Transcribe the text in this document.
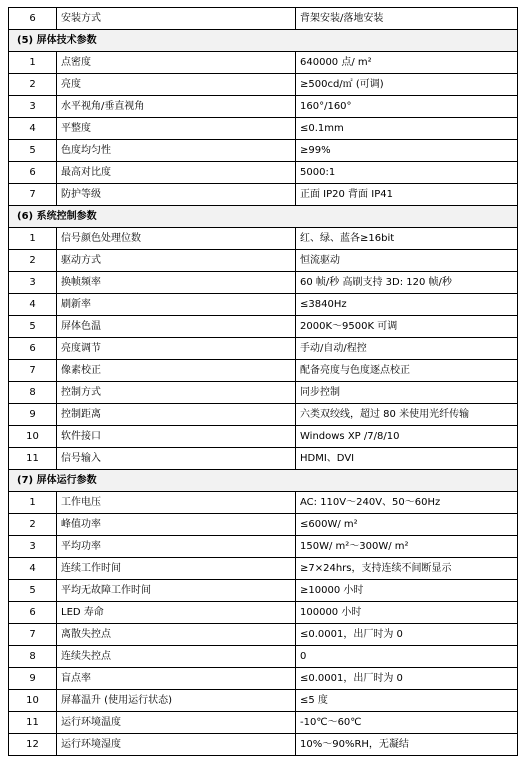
6	安装方式	背架安装/落地安装
(5) 屏体技术参数		
1	点密度	640000 点/ m²
2	亮度	≥500cd/㎡ (可调)
3	水平视角/垂直视角	160°/160°
4	平整度	≤0.1mm
5	色度均匀性	≥99%
6	最高对比度	5000:1
7	防护等级	正面 IP20 背面 IP41
(6) 系统控制参数		
1	信号颜色处理位数	红、绿、蓝各≥16bit
2	驱动方式	恒流驱动
3	换帧频率	60 帧/秒 高刷支持 3D: 120 帧/秒
4	刷新率	≤3840Hz
5	屏体色温	2000K～9500K 可调
6	亮度调节	手动/自动/程控
7	像素校正	配备亮度与色度逐点校正
8	控制方式	同步控制
9	控制距离	六类双绞线，超过 80 米使用光纤传输
10	软件接口	Windows XP /7/8/10
11	信号输入	HDMI、DVI
(7) 屏体运行参数		
1	工作电压	AC: 110V～240V、50～60Hz
2	峰值功率	≤600W/ m²
3	平均功率	150W/ m²～300W/ m²
4	连续工作时间	≥7×24hrs，支持连续不间断显示
5	平均无故障工作时间	≥10000 小时
6	LED 寿命	100000 小时
7	离散失控点	≤0.0001，出厂时为 0
8	连续失控点	0
9	盲点率	≤0.0001，出厂时为 0
10	屏幕温升 (使用运行状态)	≤5 度
11	运行环境温度	-10℃～60℃
12	运行环境湿度	10%～90%RH，无凝结
